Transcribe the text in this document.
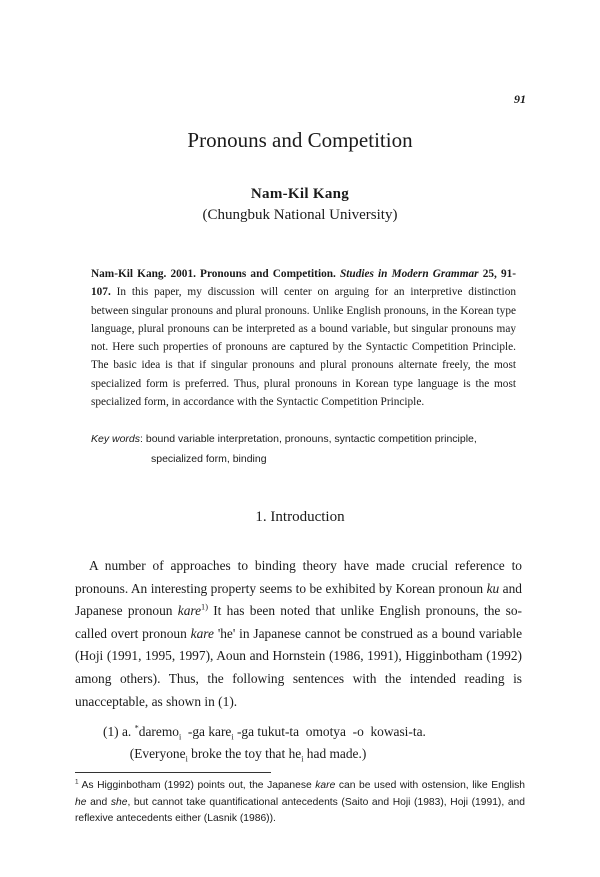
91
Pronouns and Competition
Nam-Kil Kang
(Chungbuk National University)
Nam-Kil Kang. 2001. Pronouns and Competition. Studies in Modern Grammar 25, 91-107. In this paper, my discussion will center on arguing for an interpretive distinction between singular pronouns and plural pronouns. Unlike English pronouns, in the Korean type language, plural pronouns can be interpreted as a bound variable, but singular pronouns may not. Here such properties of pronouns are captured by the Syntactic Competition Principle. The basic idea is that if singular pronouns and plural pronouns alternate freely, the most specialized form is preferred. Thus, plural pronouns in Korean type language is the most specialized form, in accordance with the Syntactic Competition Principle.
Key words: bound variable interpretation, pronouns, syntactic competition principle,
specialized form, binding
1. Introduction
A number of approaches to binding theory have made crucial reference to pronouns. An interesting property seems to be exhibited by Korean pronoun ku and Japanese pronoun kare$^{1)}$ It has been noted that unlike English pronouns, the so-called overt pronoun kare 'he' in Japanese cannot be construed as a bound variable (Hoji (1991, 1995, 1997), Aoun and Hornstein (1986, 1991), Higginbotham (1992) among others). Thus, the following sentences with the intended reading is unacceptable, as shown in (1).
(1) a. *daremo$_i$ -ga kare$_i$ -ga tukut-ta  omotya  -o  kowasi-ta.
(Everyone$_i$ broke the toy that $he_i$ had made.)
$^1$ As Higginbotham (1992) points out, the Japanese kare can be used with ostension, like English he and she, but cannot take quantificational antecedents (Saito and Hoji (1983), Hoji (1991), and reflexive antecedents either (Lasnik (1986)).
